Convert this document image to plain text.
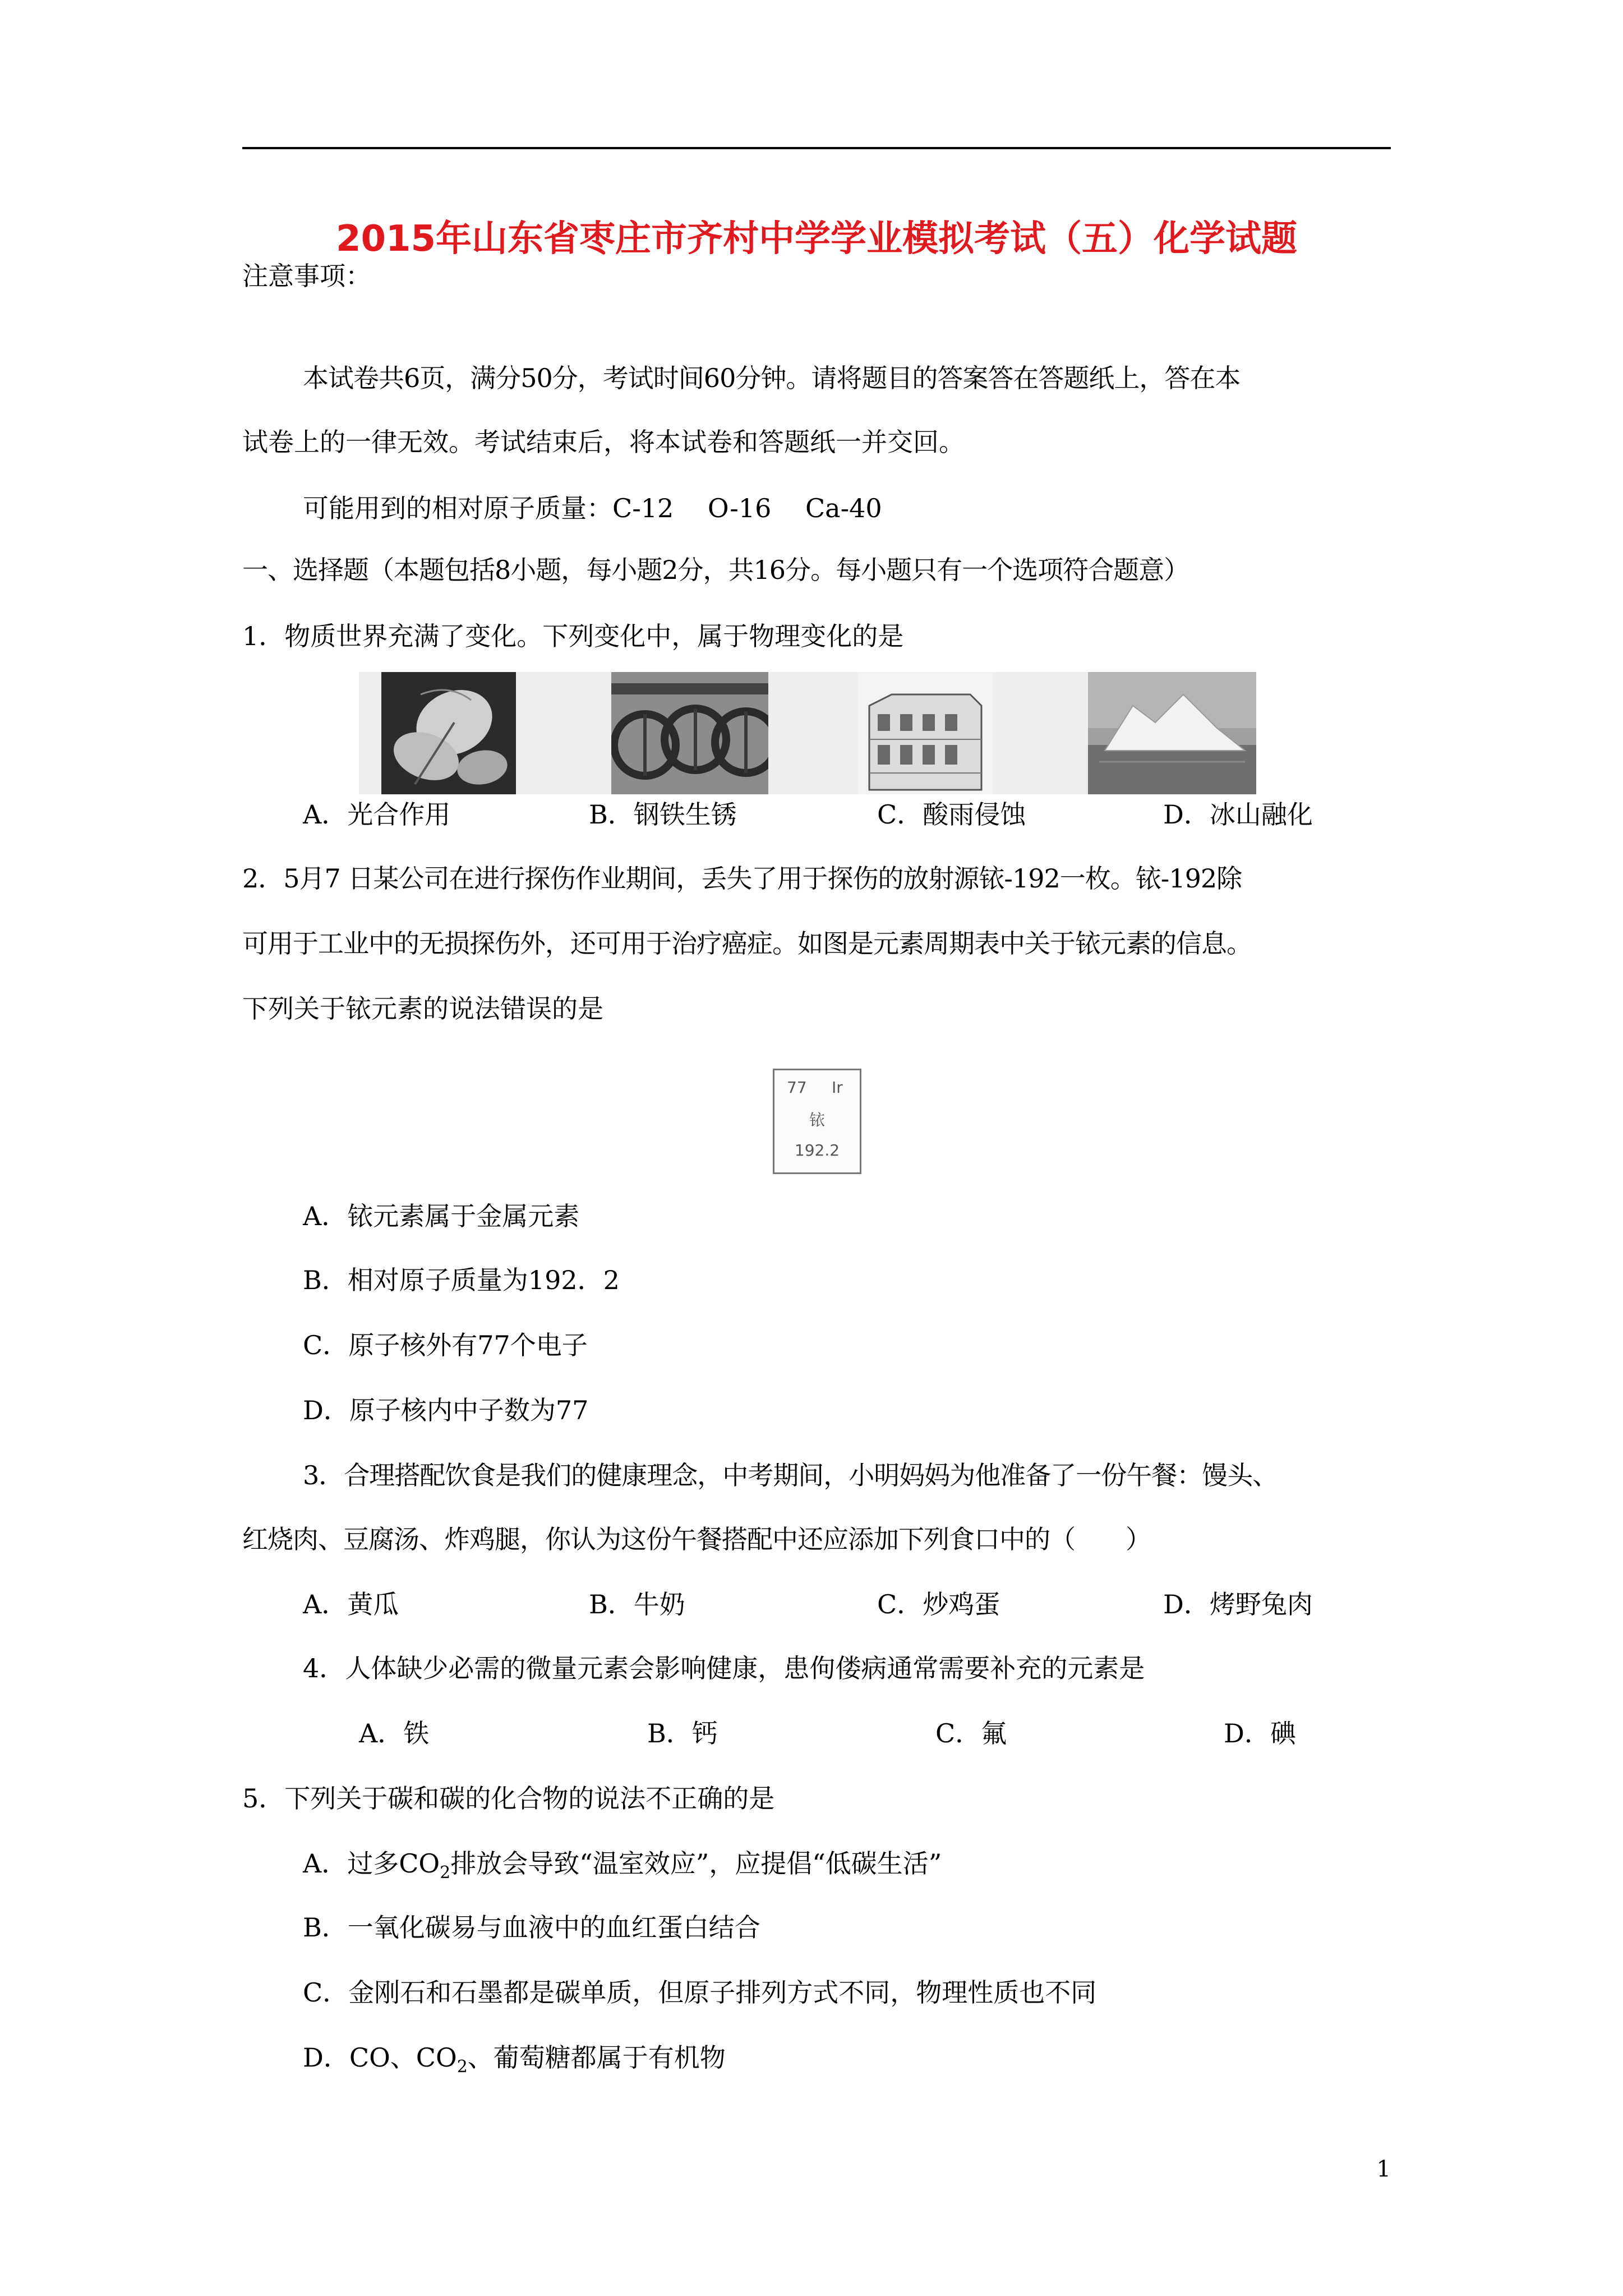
2015年山东省枣庄市齐村中学学业模拟考试（五）化学试题
注意事项：
本试卷共6页，满分50分，考试时间60分钟。请将题目的答案答在答题纸上，答在本
试卷上的一律无效。考试结束后，将本试卷和答题纸一并交回。
可能用到的相对原子质量：C-12　 O-16　 Ca-40
一、选择题（本题包括8小题，每小题2分，共16分。每小题只有一个选项符合题意）
1．物质世界充满了变化。下列变化中，属于物理变化的是
A．光合作用	B．钢铁生锈	C．酸雨侵蚀	D．冰山融化
2．5月7 日某公司在进行探伤作业期间，丢失了用于探伤的放射源铱-192一枚。铱-192除
可用于工业中的无损探伤外，还可用于治疗癌症。如图是元素周期表中关于铱元素的信息。
下列关于铱元素的说法错误的是
77 Ir
铱
192.2
A．铱元素属于金属元素
B．相对原子质量为192．2
C．原子核外有77个电子
D．原子核内中子数为77
3．合理搭配饮食是我们的健康理念，中考期间，小明妈妈为他准备了一份午餐：馒头、
红烧肉、豆腐汤、炸鸡腿，你认为这份午餐搭配中还应添加下列食口中的（　　）
A．黄瓜	B．牛奶	C．炒鸡蛋	D．烤野兔肉
4．人体缺少必需的微量元素会影响健康，患佝偻病通常需要补充的元素是
A．铁	B．钙	C．氟	D．碘
5．下列关于碳和碳的化合物的说法不正确的是
A．过多$CO_2$排放会导致“温室效应”，应提倡“低碳生活”
B．一氧化碳易与血液中的血红蛋白结合
C．金刚石和石墨都是碳单质，但原子排列方式不同，物理性质也不同
D．CO、$CO_2$、葡萄糖都属于有机物
1
